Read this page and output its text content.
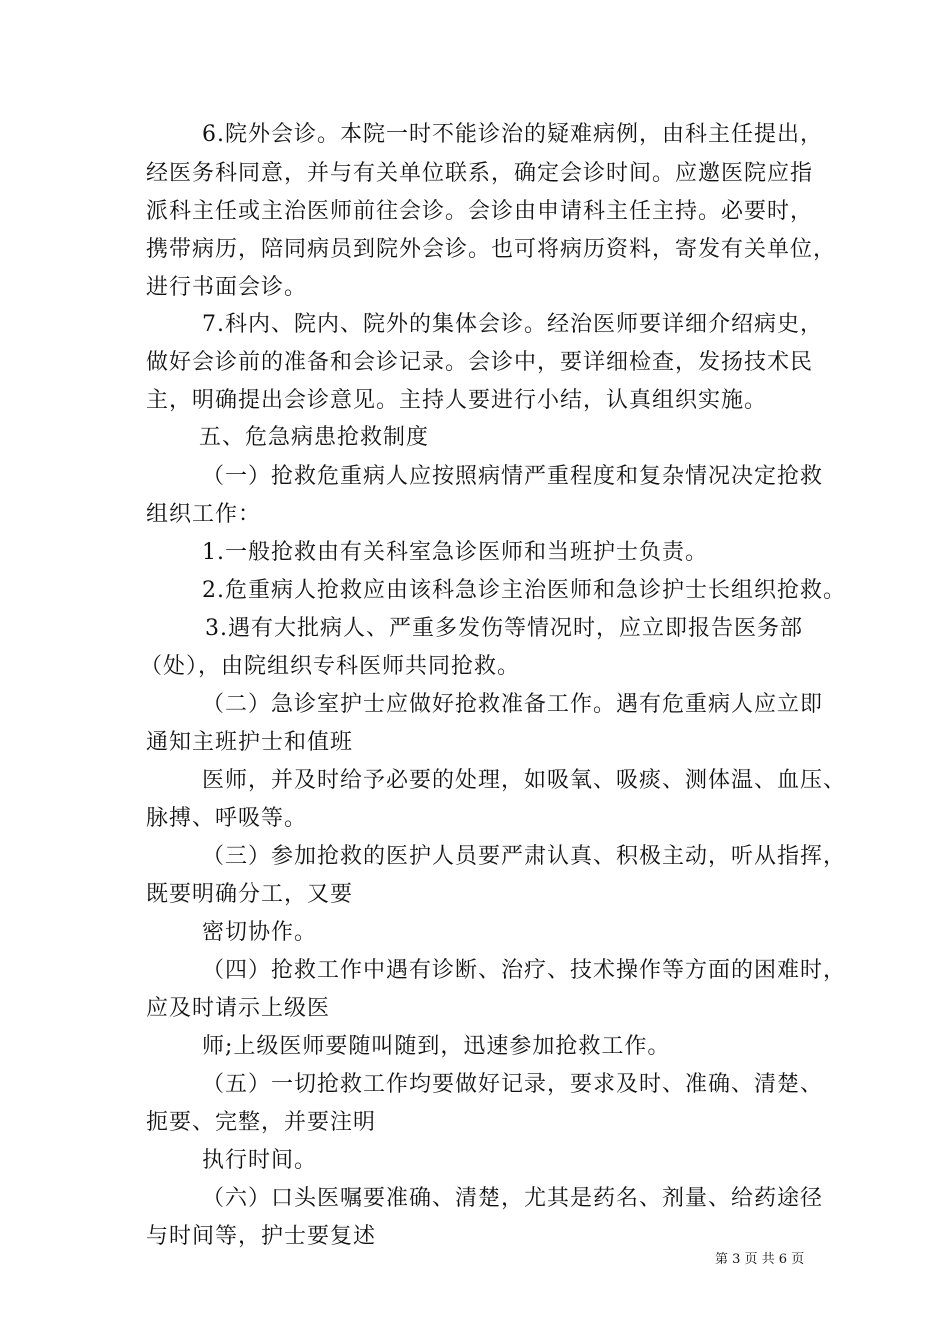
6.院外会诊。本院一时不能诊治的疑难病例，由科主任提出，
经医务科同意，并与有关单位联系，确定会诊时间。应邀医院应指
派科主任或主治医师前往会诊。会诊由申请科主任主持。必要时，
携带病历，陪同病员到院外会诊。也可将病历资料，寄发有关单位，
进行书面会诊。
7.科内、院内、院外的集体会诊。经治医师要详细介绍病史，
做好会诊前的准备和会诊记录。会诊中，要详细检查，发扬技术民
主，明确提出会诊意见。主持人要进行小结，认真组织实施。
五、危急病患抢救制度
（一）抢救危重病人应按照病情严重程度和复杂情况决定抢救
组织工作：
1.一般抢救由有关科室急诊医师和当班护士负责。
2.危重病人抢救应由该科急诊主治医师和急诊护士长组织抢救。
3.遇有大批病人、严重多发伤等情况时，应立即报告医务部
（处），由院组织专科医师共同抢救。
（二）急诊室护士应做好抢救准备工作。遇有危重病人应立即
通知主班护士和值班
医师，并及时给予必要的处理，如吸氧、吸痰、测体温、血压、
脉搏、呼吸等。
（三）参加抢救的医护人员要严肃认真、积极主动，听从指挥，
既要明确分工，又要
密切协作。
（四）抢救工作中遇有诊断、治疗、技术操作等方面的困难时，
应及时请示上级医
师;上级医师要随叫随到，迅速参加抢救工作。
（五）一切抢救工作均要做好记录，要求及时、准确、清楚、
扼要、完整，并要注明
执行时间。
（六）口头医嘱要准确、清楚，尤其是药名、剂量、给药途径
与时间等，护士要复述
第 3 页 共 6 页
